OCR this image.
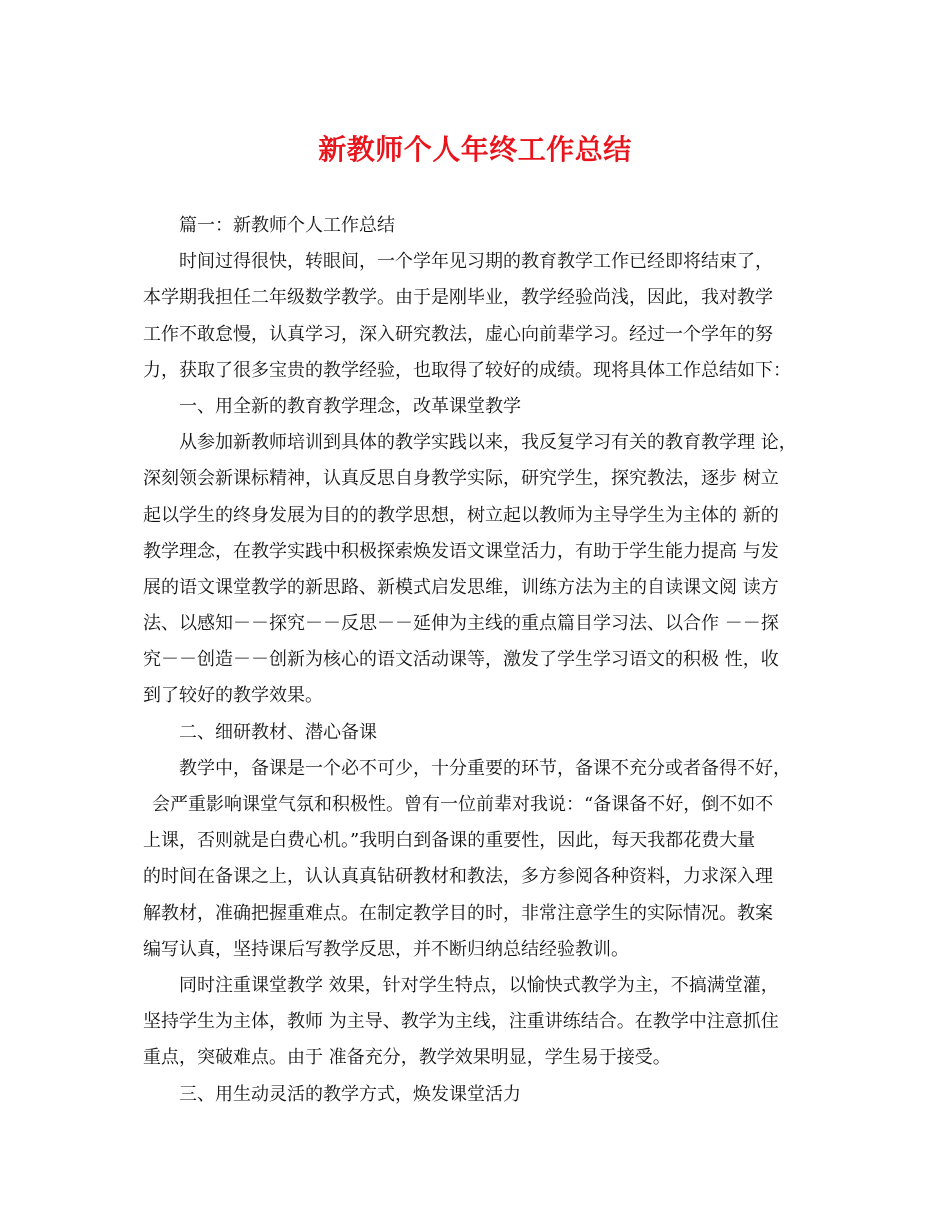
新教师个人年终工作总结
篇一：新教师个人工作总结
时间过得很快，转眼间，一个学年见习期的教育教学工作已经即将结束了，
本学期我担任二年级数学教学。由于是刚毕业，教学经验尚浅，因此，我对教学
工作不敢怠慢，认真学习，深入研究教法，虚心向前辈学习。经过一个学年的努
力，获取了很多宝贵的教学经验，也取得了较好的成绩。现将具体工作总结如下：
一、用全新的教育教学理念，改革课堂教学
从参加新教师培训到具体的教学实践以来，我反复学习有关的教育教学理 论，
深刻领会新课标精神，认真反思自身教学实际，研究学生，探究教法，逐步 树立
起以学生的终身发展为目的的教学思想，树立起以教师为主导学生为主体的 新的
教学理念，在教学实践中积极探索焕发语文课堂活力，有助于学生能力提高 与发
展的语文课堂教学的新思路、新模式启发思维，训练方法为主的自读课文阅 读方
法、以感知－－探究－－反思－－延伸为主线的重点篇目学习法、以合作 －－探
究－－创造－－创新为核心的语文活动课等，激发了学生学习语文的积极 性，收
到了较好的教学效果。
二、细研教材、潜心备课
教学中，备课是一个必不可少，十分重要的环节，备课不充分或者备得不好，
会严重影响课堂气氛和积极性。曾有一位前辈对我说：“备课备不好，倒不如不
上课，否则就是白费心机。”我明白到备课的重要性，因此，每天我都花费大量
的时间在备课之上，认认真真钻研教材和教法，多方参阅各种资料，力求深入理
解教材，准确把握重难点。在制定教学目的时，非常注意学生的实际情况。教案
编写认真，坚持课后写教学反思，并不断归纳总结经验教训。
同时注重课堂教学 效果，针对学生特点，以愉快式教学为主，不搞满堂灌，
坚持学生为主体，教师 为主导、教学为主线，注重讲练结合。在教学中注意抓住
重点，突破难点。由于 准备充分，教学效果明显，学生易于接受。
三、用生动灵活的教学方式，焕发课堂活力
